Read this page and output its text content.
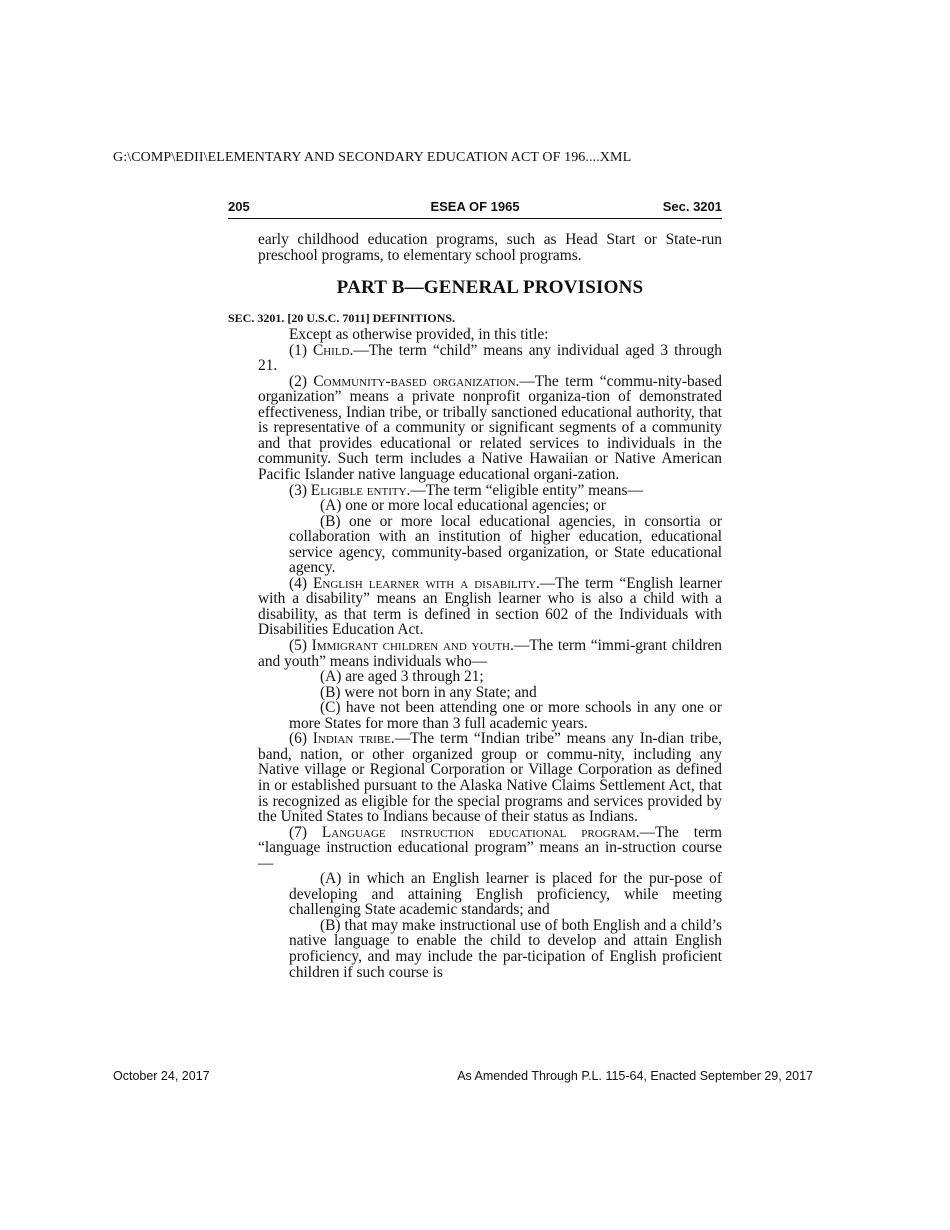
G:\COMP\EDII\ELEMENTARY AND SECONDARY EDUCATION ACT OF 196....XML
205	ESEA OF 1965	Sec. 3201

early childhood education programs, such as Head Start or State-run preschool programs, to elementary school programs.

PART B—GENERAL PROVISIONS

SEC. 3201. [20 U.S.C. 7011] DEFINITIONS.

Except as otherwise provided, in this title:

(1) Child.—The term “child” means any individual aged 3 through 21.

(2) Community-based organization.—The term “commu-nity-based organization” means a private nonprofit organiza-tion of demonstrated effectiveness, Indian tribe, or tribally sanctioned educational authority, that is representative of a community or significant segments of a community and that provides educational or related services to individuals in the community. Such term includes a Native Hawaiian or Native American Pacific Islander native language educational organi-zation.

(3) Eligible entity.—The term “eligible entity” means—

(A) one or more local educational agencies; or

(B) one or more local educational agencies, in consortia or collaboration with an institution of higher education, educational service agency, community-based organization, or State educational agency.

(4) English learner with a disability.—The term “English learner with a disability” means an English learner who is also a child with a disability, as that term is defined in section 602 of the Individuals with Disabilities Education Act.

(5) Immigrant children and youth.—The term “immi-grant children and youth” means individuals who—

(A) are aged 3 through 21;

(B) were not born in any State; and

(C) have not been attending one or more schools in any one or more States for more than 3 full academic years.

(6) Indian tribe.—The term “Indian tribe” means any In-dian tribe, band, nation, or other organized group or commu-nity, including any Native village or Regional Corporation or Village Corporation as defined in or established pursuant to the Alaska Native Claims Settlement Act, that is recognized as eligible for the special programs and services provided by the United States to Indians because of their status as Indians.

(7) Language instruction educational program.—The term “language instruction educational program” means an in-struction course—

(A) in which an English learner is placed for the pur-pose of developing and attaining English proficiency, while meeting challenging State academic standards; and

(B) that may make instructional use of both English and a child’s native language to enable the child to develop and attain English proficiency, and may include the par-ticipation of English proficient children if such course is

October 24, 2017	As Amended Through P.L. 115-64, Enacted September 29, 2017
